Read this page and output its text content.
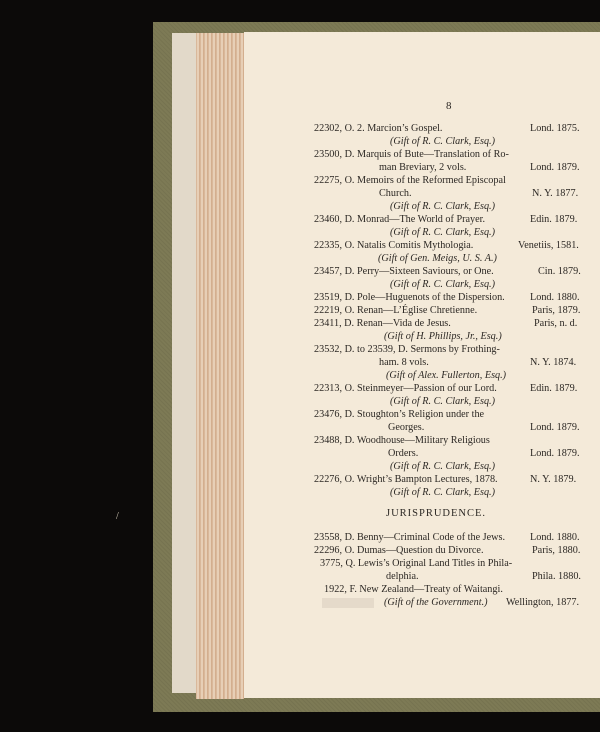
/
8
22302, O. 2. Marcion’s Gospel.	Lond. 1875.
(Gift of R. C. Clark, Esq.)
23500, D. Marquis of Bute—Translation of Ro-
man Breviary, 2 vols.	Lond. 1879.
22275, O. Memoirs of the Reformed Episcopal
Church.	N. Y. 1877.
(Gift of R. C. Clark, Esq.)
23460, D. Monrad—The World of Prayer.	Edin. 1879.
(Gift of R. C. Clark, Esq.)
22335, O. Natalis Comitis Mythologia.	Venetiis, 1581.
(Gift of Gen. Meigs, U. S. A.)
23457, D. Perry—Sixteen Saviours, or One.	Cin. 1879.
(Gift of R. C. Clark, Esq.)
23519, D. Pole—Huguenots of the Dispersion. Lond. 1880.
22219, O. Renan—L’Église Chretienne.	Paris, 1879.
23411, D. Renan—Vida de Jesus.	Paris, n. d.
(Gift of H. Phillips, Jr., Esq.)
23532, D. to 23539, D. Sermons by Frothing-
ham. 8 vols.	N. Y. 1874.
(Gift of Alex. Fullerton, Esq.)
22313, O. Steinmeyer—Passion of our Lord.	Edin. 1879.
(Gift of R. C. Clark, Esq.)
23476, D. Stoughton’s Religion under the
Georges.	Lond. 1879.
23488, D. Woodhouse—Military Religious
Orders.	Lond. 1879.
(Gift of R. C. Clark, Esq.)
22276, O. Wright’s Bampton Lectures, 1878.	N. Y. 1879.
(Gift of R. C. Clark, Esq.)
JURISPRUDENCE.
23558, D. Benny—Criminal Code of the Jews. Lond. 1880.
22296, O. Dumas—Question du Divorce.	Paris, 1880.
3775, Q. Lewis’s Original Land Titles in Phila-
delphia.	Phila. 1880.
1922, F. New Zealand—Treaty of Waitangi.
(Gift of the Government.) Wellington, 1877.
